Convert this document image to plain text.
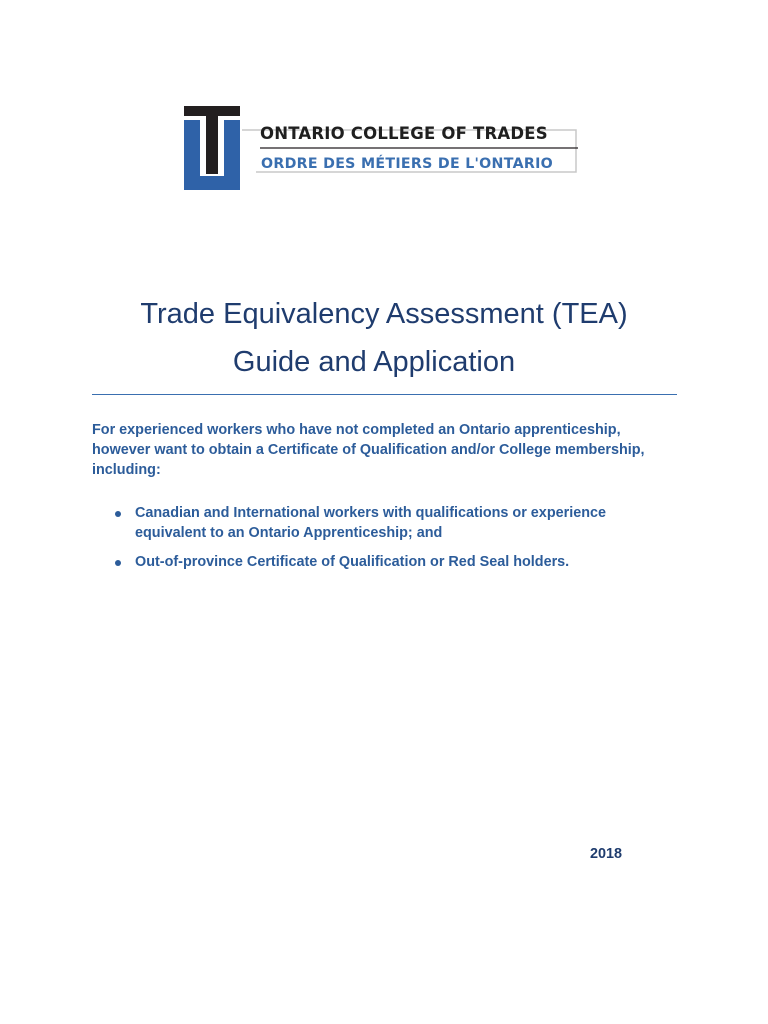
ONTARIO COLLEGE OF TRADES
ORDRE DES MÉTIERS DE L'ONTARIO
Trade Equivalency Assessment (TEA)
Guide and Application
For experienced workers who have not completed an Ontario apprenticeship, however want to obtain a Certificate of Qualification and/or College membership, including:
Canadian and International workers with qualifications or experience equivalent to an Ontario Apprenticeship; and
Out-of-province Certificate of Qualification or Red Seal holders.
2018
